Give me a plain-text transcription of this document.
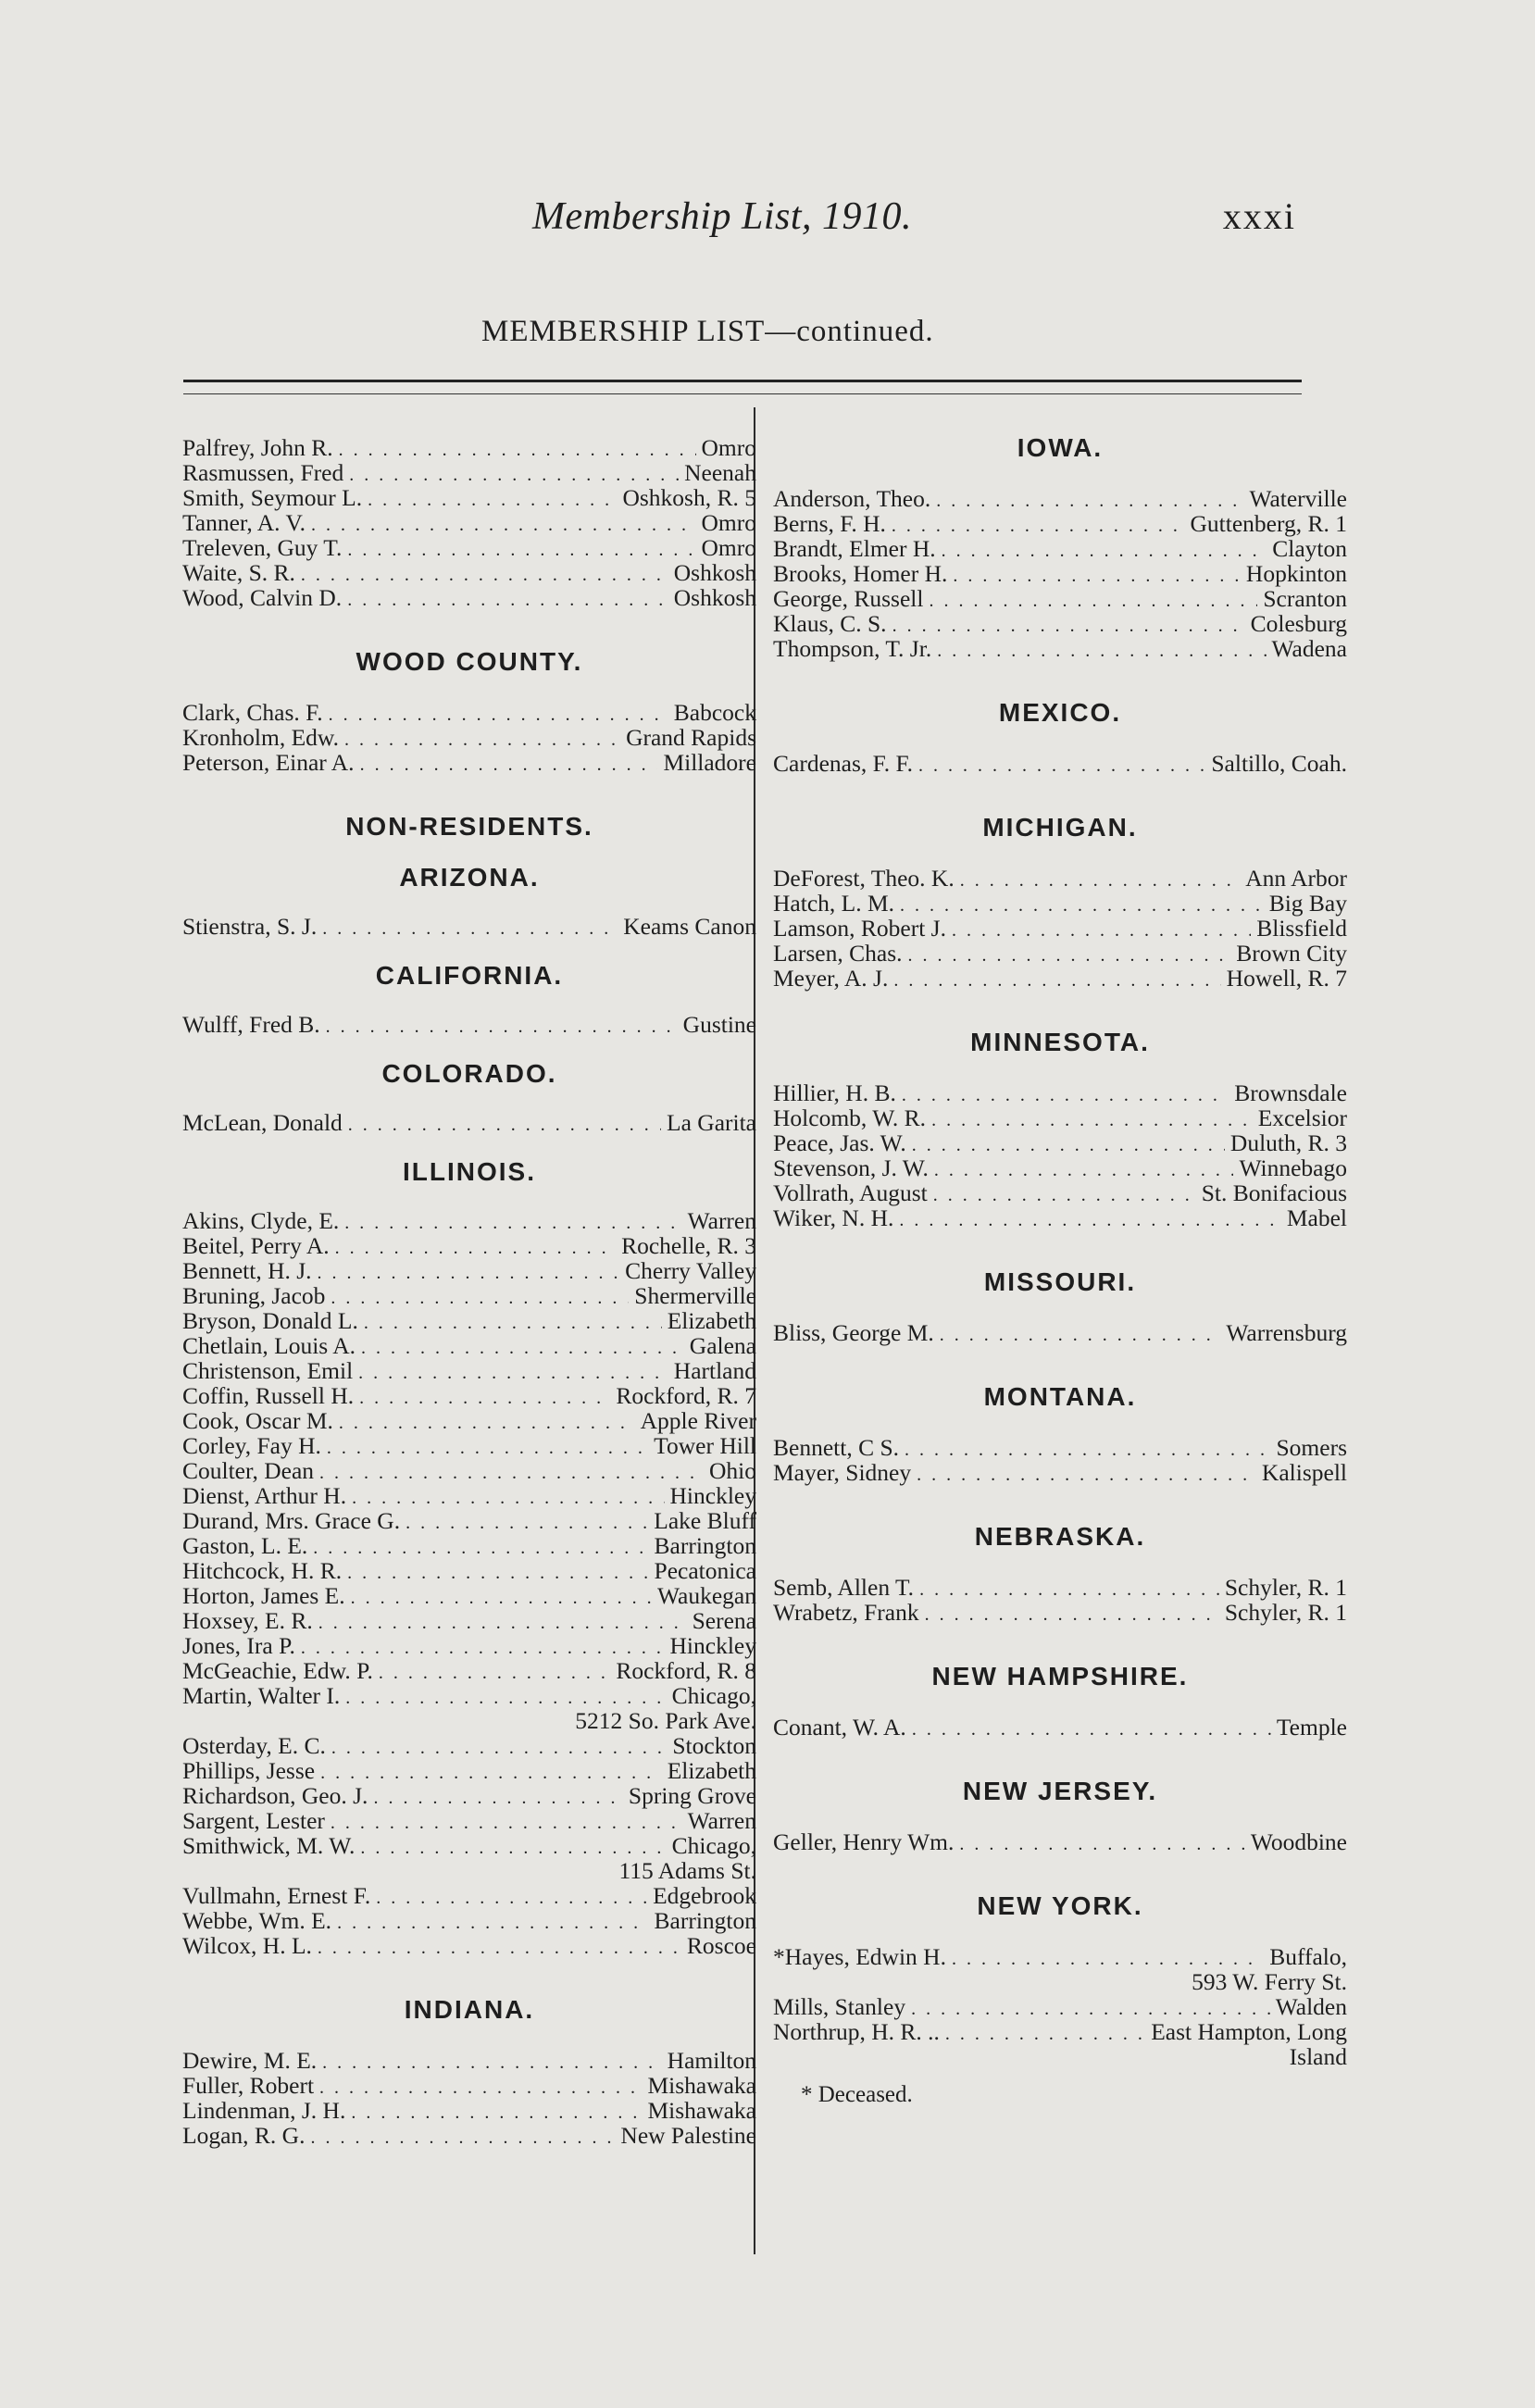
Membership List, 1910.	xxxi
MEMBERSHIP LIST—continued.
Palfrey, John R. . . .	Omro
Rasmussen, Fred . . .	Neenah
Smith, Seymour L. . . .	Oshkosh, R. 5
Tanner, A. V. . . .	Omro
Treleven, Guy T. . . .	Omro
Waite, S. R. . . .	Oshkosh
Wood, Calvin D. . . .	Oshkosh
WOOD COUNTY.
Clark, Chas. F. . . .	Babcock
Kronholm, Edw. . . .	Grand Rapids
Peterson, Einar A. . . .	Milladore
NON-RESIDENTS.
ARIZONA.
Stienstra, S. J. . . .	Keams Canon
CALIFORNIA.
Wulff, Fred B. . . .	Gustine
COLORADO.
McLean, Donald . . .	La Garita
ILLINOIS.
Akins, Clyde, E. . . .	Warren
Beitel, Perry A. . . .	Rochelle, R. 3
Bennett, H. J. . . .	Cherry Valley
Bruning, Jacob . . .	Shermerville
Bryson, Donald L. . . .	Elizabeth
Chetlain, Louis A. . . .	Galena
Christenson, Emil . . .	Hartland
Coffin, Russell H. . . .	Rockford, R. 7
Cook, Oscar M. . . .	Apple River
Corley, Fay H. . . .	Tower Hill
Coulter, Dean . . .	Ohio
Dienst, Arthur H. . . .	Hinckley
Durand, Mrs. Grace G. . . .	Lake Bluff
Gaston, L. E. . . .	Barrington
Hitchcock, H. R. . . .	Pecatonica
Horton, James E. . . .	Waukegan
Hoxsey, E. R. . . .	Serena
Jones, Ira P. . . .	Hinckley
McGeachie, Edw. P. . . .	Rockford, R. 8
Martin, Walter I. . . .	Chicago,
5212 So. Park Ave.
Osterday, E. C. . . .	Stockton
Phillips, Jesse . . .	Elizabeth
Richardson, Geo. J. . . .	Spring Grove
Sargent, Lester . . .	Warren
Smithwick, M. W. . . .	Chicago,
115 Adams St.
Vullmahn, Ernest F. . . .	Edgebrook
Webbe, Wm. E. . . .	Barrington
Wilcox, H. L. . . .	Roscoe
INDIANA.
Dewire, M. E. . . .	Hamilton
Fuller, Robert . . .	Mishawaka
Lindenman, J. H. . . .	Mishawaka
Logan, R. G. . . .	New Palestine
IOWA.
Anderson, Theo. . . .	Waterville
Berns, F. H. . . .	Guttenberg, R. 1
Brandt, Elmer H. . . .	Clayton
Brooks, Homer H. . . .	Hopkinton
George, Russell . . .	Scranton
Klaus, C. S. . . .	Colesburg
Thompson, T. Jr. . . .	Wadena
MEXICO.
Cardenas, F. F. . . .	Saltillo, Coah.
MICHIGAN.
DeForest, Theo. K. . . .	Ann Arbor
Hatch, L. M. . . .	Big Bay
Lamson, Robert J. . . .	Blissfield
Larsen, Chas. . . .	Brown City
Meyer, A. J. . . .	Howell, R. 7
MINNESOTA.
Hillier, H. B. . . .	Brownsdale
Holcomb, W. R. . . .	Excelsior
Peace, Jas. W. . . .	Duluth, R. 3
Stevenson, J. W. . . .	Winnebago
Vollrath, August . . .	St. Bonifacious
Wiker, N. H. . . .	Mabel
MISSOURI.
Bliss, George M. . . .	Warrensburg
MONTANA.
Bennett, C S. . . .	Somers
Mayer, Sidney . . .	Kalispell
NEBRASKA.
Semb, Allen T. . . .	Schyler, R. 1
Wrabetz, Frank . . .	Schyler, R. 1
NEW HAMPSHIRE.
Conant, W. A. . . .	Temple
NEW JERSEY.
Geller, Henry Wm. . . .	Woodbine
NEW YORK.
*Hayes, Edwin H. . . .	Buffalo,
593 W. Ferry St.
Mills, Stanley . . .	Walden
Northrup, H. R. .. . . .	East Hampton, Long
Island
* Deceased.
